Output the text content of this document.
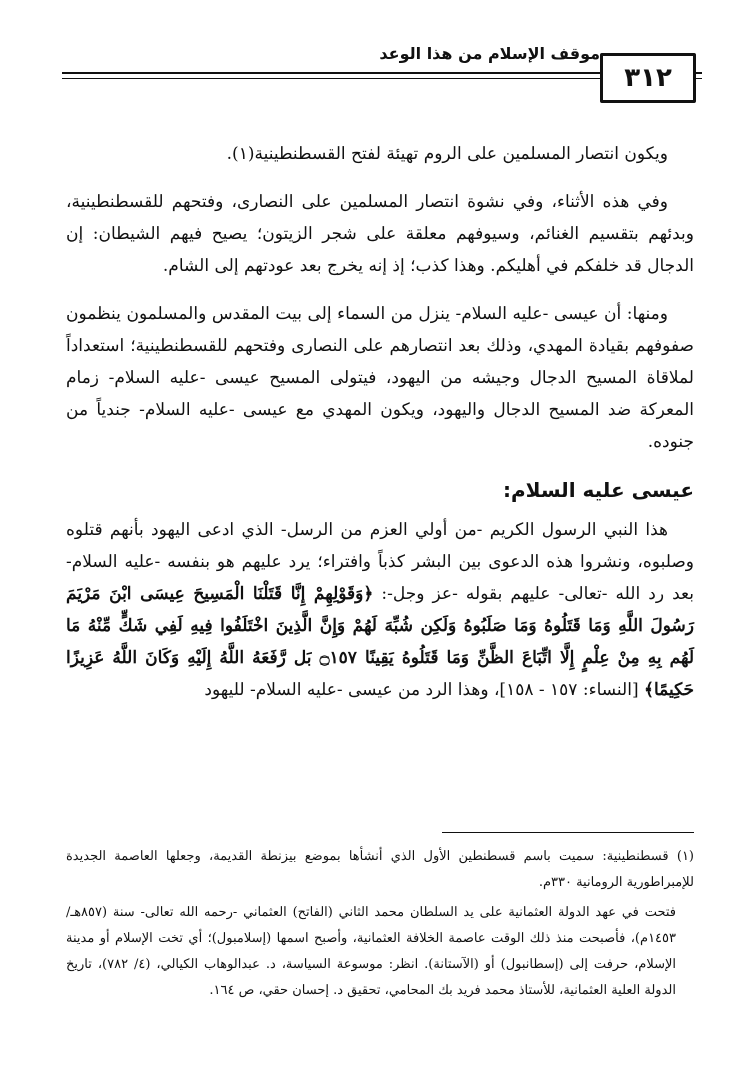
موقف الإسلام من هذا الوعد
٣١٢

ويكون انتصار المسلمين على الروم تهيئة لفتح القسطنطينية(١).

وفي هذه الأثناء، وفي نشوة انتصار المسلمين على النصارى، وفتحهم للقسطنطينية، وبدئهم بتقسيم الغنائم، وسيوفهم معلقة على شجر الزيتون؛ يصيح فيهم الشيطان: إن الدجال قد خلفكم في أهليكم. وهذا كذب؛ إذ إنه يخرج بعد عودتهم إلى الشام.

ومنها: أن عيسى -عليه السلام- ينزل من السماء إلى بيت المقدس والمسلمون ينظمون صفوفهم بقيادة المهدي، وذلك بعد انتصارهم على النصارى وفتحهم للقسطنطينية؛ استعداداً لملاقاة المسيح الدجال وجيشه من اليهود، فيتولى المسيح عيسى -عليه السلام- زمام المعركة ضد المسيح الدجال واليهود، ويكون المهدي مع عيسى -عليه السلام- جندياً من جنوده.

عيسى عليه السلام:

هذا النبي الرسول الكريم -من أولي العزم من الرسل- الذي ادعى اليهود بأنهم قتلوه وصلبوه، ونشروا هذه الدعوى بين البشر كذباً وافتراء؛ يرد عليهم هو بنفسه -عليه السلام- بعد رد الله -تعالى- عليهم بقوله -عز وجل-: ﴿وَقَوْلِهِمْ إِنَّا قَتَلْنَا الْمَسِيحَ عِيسَى ابْنَ مَرْيَمَ رَسُولَ اللَّهِ وَمَا قَتَلُوهُ وَمَا صَلَبُوهُ وَلَكِن شُبِّهَ لَهُمْ وَإِنَّ الَّذِينَ اخْتَلَفُوا فِيهِ لَفِي شَكٍّ مِّنْهُ مَا لَهُم بِهِ مِنْ عِلْمٍ إِلَّا اتِّبَاعَ الظَّنِّ وَمَا قَتَلُوهُ يَقِينًا ۝١٥٧ بَل رَّفَعَهُ اللَّهُ إِلَيْهِ وَكَانَ اللَّهُ عَزِيزًا حَكِيمًا﴾ [النساء: ١٥٧ - ١٥٨]، وهذا الرد من عيسى -عليه السلام- لليهود

(١) قسطنطينية: سميت باسم قسطنطين الأول الذي أنشأها بموضع بيزنطة القديمة، وجعلها العاصمة الجديدة للإمبراطورية الرومانية ٣٣٠م.

فتحت في عهد الدولة العثمانية على يد السلطان محمد الثاني (الفاتح) العثماني -رحمه الله تعالى- سنة (٨٥٧هـ/ ١٤٥٣م)، فأصبحت منذ ذلك الوقت عاصمة الخلافة العثمانية، وأصبح اسمها (إسلامبول)؛ أي تخت الإسلام أو مدينة الإسلام، حرفت إلى (إسطانبول) أو (الآستانة). انظر: موسوعة السياسة، د. عبدالوهاب الكيالي، (٤/ ٧٨٢)، تاريخ الدولة العلية العثمانية، للأستاذ محمد فريد بك المحامي، تحقيق د. إحسان حقي، ص ١٦٤.
